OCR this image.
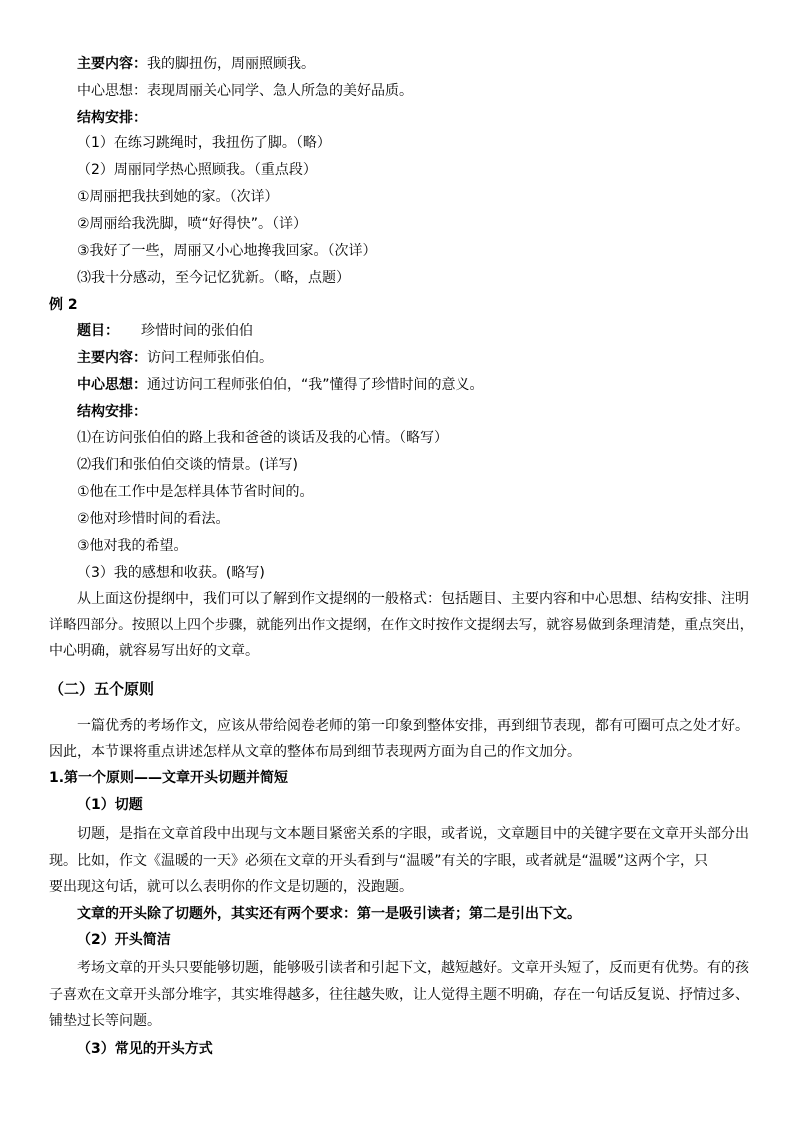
主要内容：我的脚扭伤，周丽照顾我。
中心思想：表现周丽关心同学、急人所急的美好品质。
结构安排：
（1）在练习跳绳时，我扭伤了脚。（略）
（2）周丽同学热心照顾我。（重点段）
①周丽把我扶到她的家。（次详）
②周丽给我洗脚，喷“好得快”。（详）
③我好了一些，周丽又小心地搀我回家。（次详）
⑶我十分感动，至今记忆犹新。（略，点题）
例 2
题目： 珍惜时间的张伯伯
主要内容：访问工程师张伯伯。
中心思想：通过访问工程师张伯伯，“我”懂得了珍惜时间的意义。
结构安排：
⑴在访问张伯伯的路上我和爸爸的谈话及我的心情。（略写）
⑵我们和张伯伯交谈的情景。(详写)
①他在工作中是怎样具体节省时间的。
②他对珍惜时间的看法。
③他对我的希望。
（3）我的感想和收获。(略写)
从上面这份提纲中，我们可以了解到作文提纲的一般格式：包括题目、主要内容和中心思想、结构安排、注明
详略四部分。按照以上四个步骤，就能列出作文提纲，在作文时按作文提纲去写，就容易做到条理清楚，重点突出，
中心明确，就容易写出好的文章。
（二）五个原则
一篇优秀的考场作文，应该从带给阅卷老师的第一印象到整体安排，再到细节表现，都有可圈可点之处才好。
因此，本节课将重点讲述怎样从文章的整体布局到细节表现两方面为自己的作文加分。
1.第一个原则——文章开头切题并简短
（1）切题
切题，是指在文章首段中出现与文本题目紧密关系的字眼，或者说，文章题目中的关键字要在文章开头部分出
现。比如，作文《温暖的一天》必须在文章的开头看到与“温暖”有关的字眼，或者就是“温暖”这两个字，只
要出现这句话，就可以么表明你的作文是切题的，没跑题。
文章的开头除了切题外，其实还有两个要求：第一是吸引读者；第二是引出下文。
（2）开头简洁
考场文章的开头只要能够切题，能够吸引读者和引起下文，越短越好。文章开头短了，反而更有优势。有的孩
子喜欢在文章开头部分堆字，其实堆得越多，往往越失败，让人觉得主题不明确，存在一句话反复说、抒情过多、
铺垫过长等问题。
（3）常见的开头方式
